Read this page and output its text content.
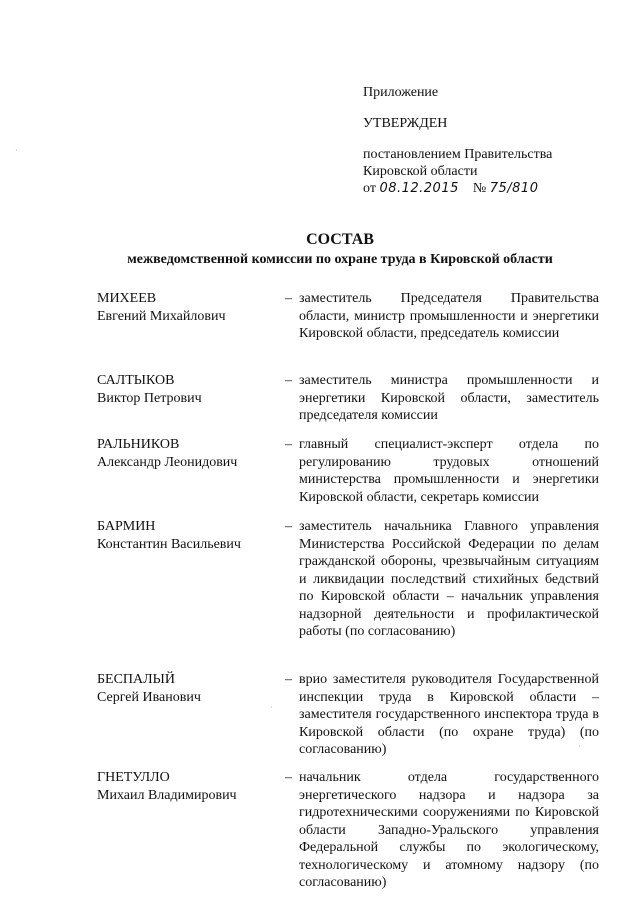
Приложение
УТВЕРЖДЕН
постановлением Правительства
Кировской области
от 08.12.2015 № 75/810
СОСТАВ
межведомственной комиссии по охране труда в Кировской области
МИХЕЕВ
Евгений Михайлович
– заместитель Председателя Правительства области, министр промышленности и энергетики Кировской области, председатель комиссии
САЛТЫКОВ
Виктор Петрович
– заместитель министра промышленности и энергетики Кировской области, заместитель председателя комиссии
РАЛЬНИКОВ
Александр Леонидович
– главный специалист-эксперт отдела по регулированию трудовых отношений министерства промышленности и энергетики Кировской области, секретарь комиссии
БАРМИН
Константин Васильевич
– заместитель начальника Главного управления Министерства Российской Федерации по делам гражданской обороны, чрезвычайным ситуациям и ликвидации последствий стихийных бедствий по Кировской области – начальник управления надзорной деятельности и профилактической работы (по согласованию)
БЕСПАЛЫЙ
Сергей Иванович
– врио заместителя руководителя Государственной инспекции труда в Кировской области – заместителя государственного инспектора труда в Кировской области (по охране труда) (по согласованию)
ГНЕТУЛЛО
Михаил Владимирович
– начальник отдела государственного энергетического надзора и надзора за гидротехническими сооружениями по Кировской области Западно-Уральского управления Федеральной службы по экологическому, технологическому и атомному надзору (по согласованию)
·
·
·
